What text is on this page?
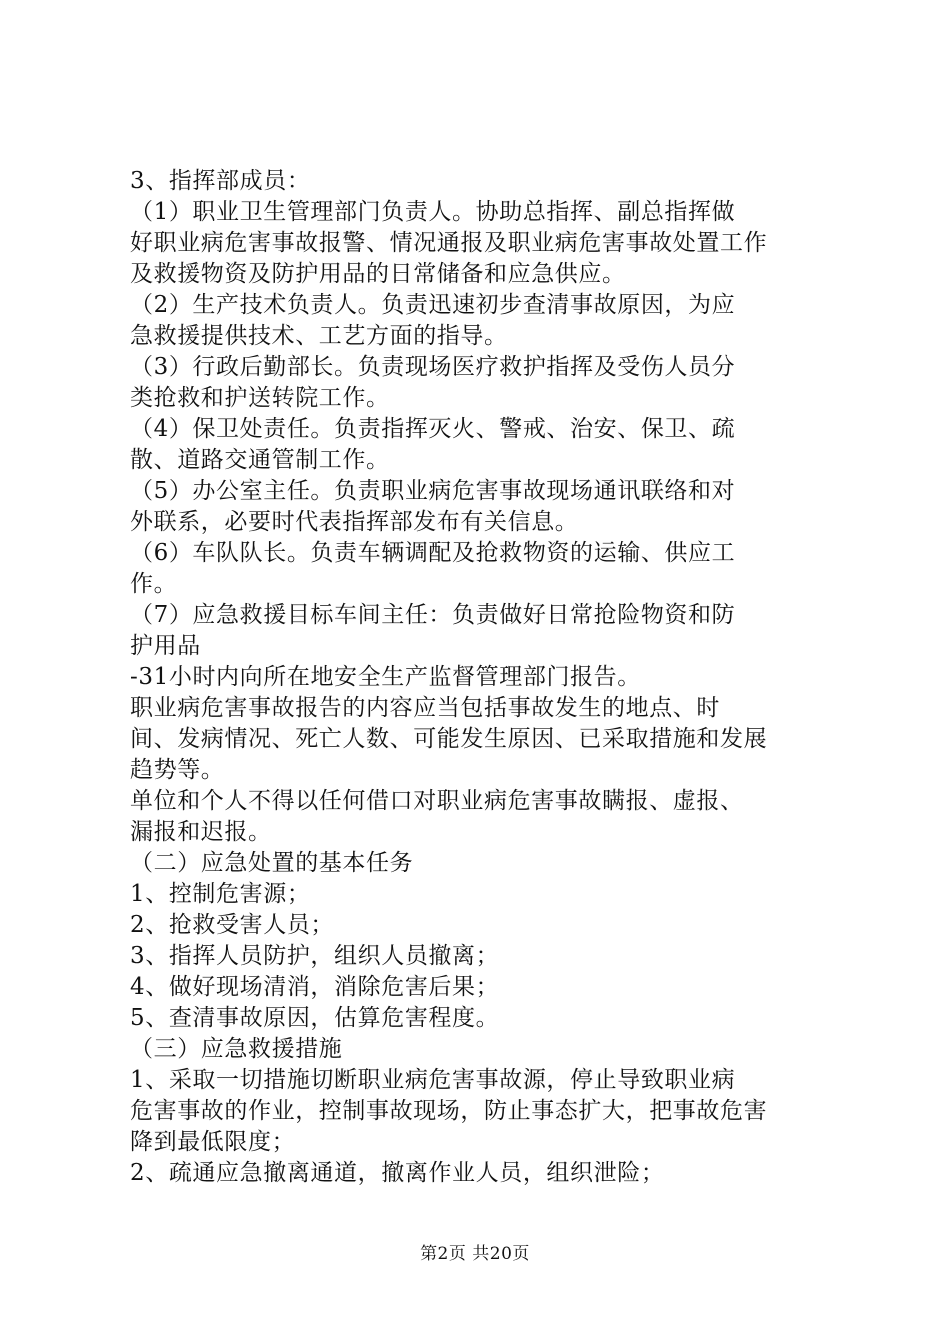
3、指挥部成员：
（1）职业卫生管理部门负责人。协助总指挥、副总指挥做
好职业病危害事故报警、情况通报及职业病危害事故处置工作
及救援物资及防护用品的日常储备和应急供应。
（2）生产技术负责人。负责迅速初步查清事故原因，为应
急救援提供技术、工艺方面的指导。
（3）行政后勤部长。负责现场医疗救护指挥及受伤人员分
类抢救和护送转院工作。
（4）保卫处责任。负责指挥灭火、警戒、治安、保卫、疏
散、道路交通管制工作。
（5）办公室主任。负责职业病危害事故现场通讯联络和对
外联系，必要时代表指挥部发布有关信息。
（6）车队队长。负责车辆调配及抢救物资的运输、供应工
作。
（7）应急救援目标车间主任：负责做好日常抢险物资和防
护用品
-31小时内向所在地安全生产监督管理部门报告。
职业病危害事故报告的内容应当包括事故发生的地点、时
间、发病情况、死亡人数、可能发生原因、已采取措施和发展
趋势等。
单位和个人不得以任何借口对职业病危害事故瞒报、虚报、
漏报和迟报。
（二）应急处置的基本任务
1、控制危害源；
2、抢救受害人员；
3、指挥人员防护，组织人员撤离；
4、做好现场清消，消除危害后果；
5、查清事故原因，估算危害程度。
（三）应急救援措施
1、采取一切措施切断职业病危害事故源，停止导致职业病
危害事故的作业，控制事故现场，防止事态扩大，把事故危害
降到最低限度；
2、疏通应急撤离通道，撤离作业人员，组织泄险；
第2页 共20页
